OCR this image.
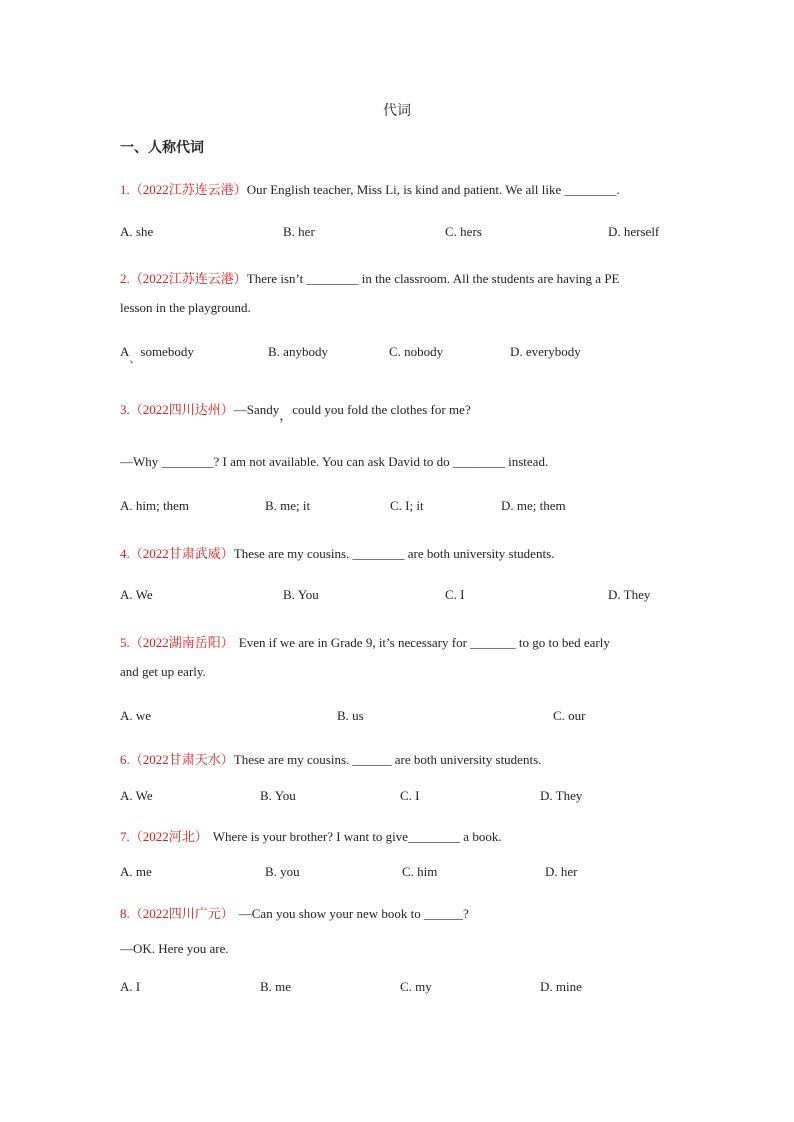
代词
一、人称代词
1.（2022江苏连云港）Our English teacher, Miss Li, is kind and patient. We all like ________.
A. she	B. her	C. hers	D. herself
2.（2022江苏连云港）There isn’t ________ in the classroom. All the students are having a PE
lesson in the playground.
$A_、somebody$	B. anybody	C. nobody	D. everybody
3.（2022四川达州）—Sandy，could you fold the clothes for me?
—Why ________? I am not available. You can ask David to do ________ instead.
A. him; them	B. me; it	C. I; it	D. me; them
4.（2022甘肃武威）These are my cousins. ________ are both university students.
A. We	B. You	C. I	D. They
5.（2022湖南岳阳） Even if we are in Grade 9, it’s necessary for _______ to go to bed early
and get up early.
A. we	B. us	C. our
6.（2022甘肃天水）These are my cousins. ______ are both university students.
A. We	B. You	C. I	D. They
7.（2022河北） Where is your brother? I want to give________ a book.
A. me	B. you	C. him	D. her
8.（2022四川广元） —Can you show your new book to ______?
—OK. Here you are.
A. I	B. me	C. my	D. mine
